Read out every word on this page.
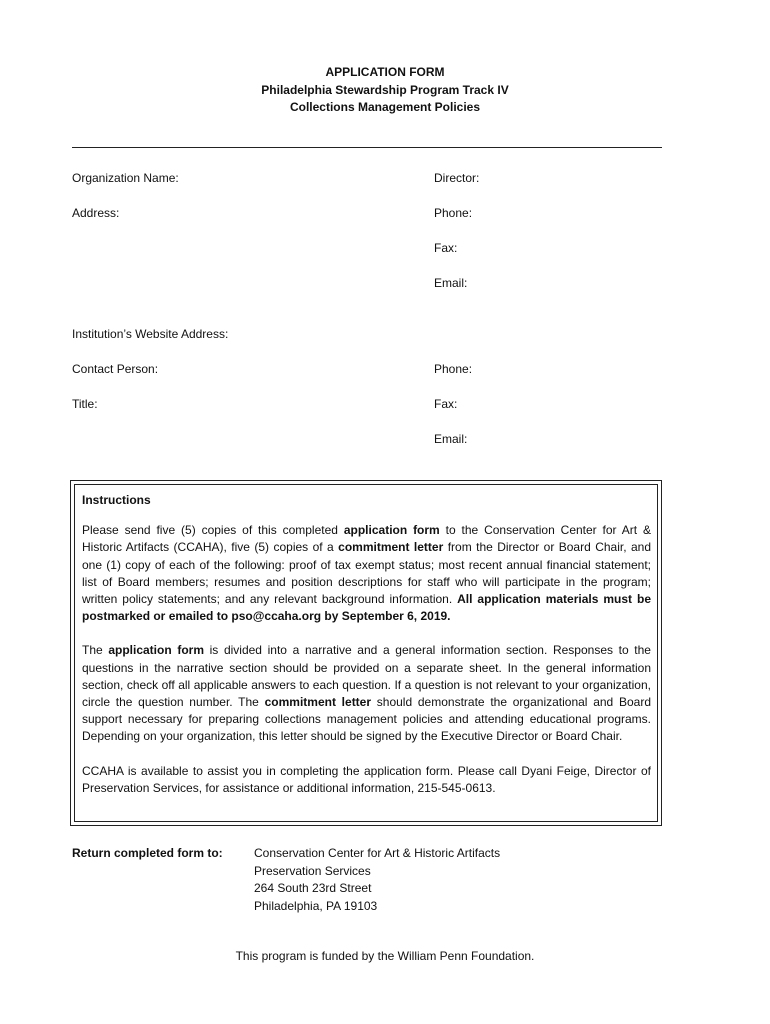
APPLICATION FORM
Philadelphia Stewardship Program Track IV
Collections Management Policies
Organization Name:
Address:
Institution’s Website Address:
Contact Person:
Title:
Director:
Phone:
Fax:
Email:
Phone:
Fax:
Email:

Instructions

Please send five (5) copies of this completed application form to the Conservation Center for Art & Historic Artifacts (CCAHA), five (5) copies of a commitment letter from the Director or Board Chair, and one (1) copy of each of the following: proof of tax exempt status; most recent annual financial statement; list of Board members; resumes and position descriptions for staff who will participate in the program; written policy statements; and any relevant background information. All application materials must be postmarked or emailed to pso@ccaha.org by September 6, 2019.

The application form is divided into a narrative and a general information section. Responses to the questions in the narrative section should be provided on a separate sheet. In the general information section, check off all applicable answers to each question. If a question is not relevant to your organization, circle the question number. The commitment letter should demonstrate the organizational and Board support necessary for preparing collections management policies and attending educational programs. Depending on your organization, this letter should be signed by the Executive Director or Board Chair.

CCAHA is available to assist you in completing the application form. Please call Dyani Feige, Director of Preservation Services, for assistance or additional information, 215-545-0613.

Return completed form to:	Conservation Center for Art & Historic Artifacts
Preservation Services
264 South 23rd Street
Philadelphia, PA 19103
This program is funded by the William Penn Foundation.
